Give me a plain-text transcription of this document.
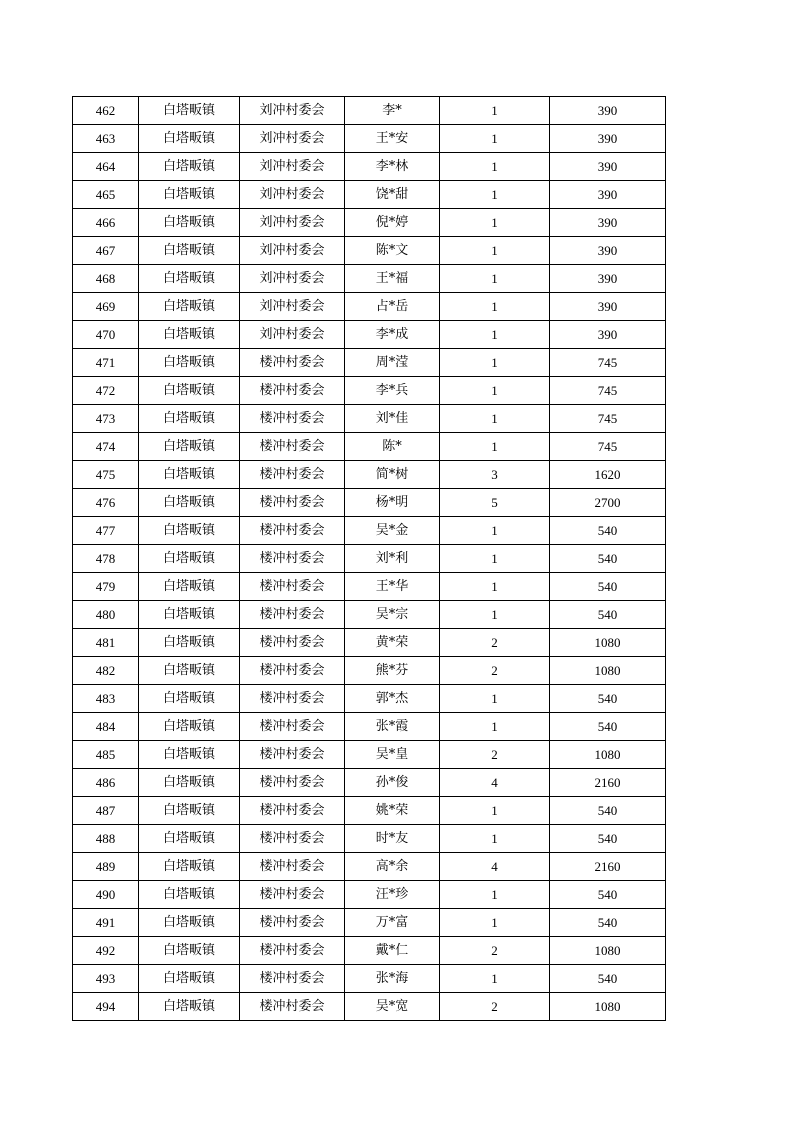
462	白塔畈镇	刘冲村委会	李*	1	390
463	白塔畈镇	刘冲村委会	王*安	1	390
464	白塔畈镇	刘冲村委会	李*林	1	390
465	白塔畈镇	刘冲村委会	饶*甜	1	390
466	白塔畈镇	刘冲村委会	倪*婷	1	390
467	白塔畈镇	刘冲村委会	陈*文	1	390
468	白塔畈镇	刘冲村委会	王*福	1	390
469	白塔畈镇	刘冲村委会	占*岳	1	390
470	白塔畈镇	刘冲村委会	李*成	1	390
471	白塔畈镇	楼冲村委会	周*滢	1	745
472	白塔畈镇	楼冲村委会	李*兵	1	745
473	白塔畈镇	楼冲村委会	刘*佳	1	745
474	白塔畈镇	楼冲村委会	陈*	1	745
475	白塔畈镇	楼冲村委会	简*树	3	1620
476	白塔畈镇	楼冲村委会	杨*明	5	2700
477	白塔畈镇	楼冲村委会	吴*金	1	540
478	白塔畈镇	楼冲村委会	刘*利	1	540
479	白塔畈镇	楼冲村委会	王*华	1	540
480	白塔畈镇	楼冲村委会	吴*宗	1	540
481	白塔畈镇	楼冲村委会	黄*荣	2	1080
482	白塔畈镇	楼冲村委会	熊*芬	2	1080
483	白塔畈镇	楼冲村委会	郭*杰	1	540
484	白塔畈镇	楼冲村委会	张*霞	1	540
485	白塔畈镇	楼冲村委会	吴*皇	2	1080
486	白塔畈镇	楼冲村委会	孙*俊	4	2160
487	白塔畈镇	楼冲村委会	姚*荣	1	540
488	白塔畈镇	楼冲村委会	时*友	1	540
489	白塔畈镇	楼冲村委会	高*余	4	2160
490	白塔畈镇	楼冲村委会	汪*珍	1	540
491	白塔畈镇	楼冲村委会	万*富	1	540
492	白塔畈镇	楼冲村委会	戴*仁	2	1080
493	白塔畈镇	楼冲村委会	张*海	1	540
494	白塔畈镇	楼冲村委会	吴*宽	2	1080
